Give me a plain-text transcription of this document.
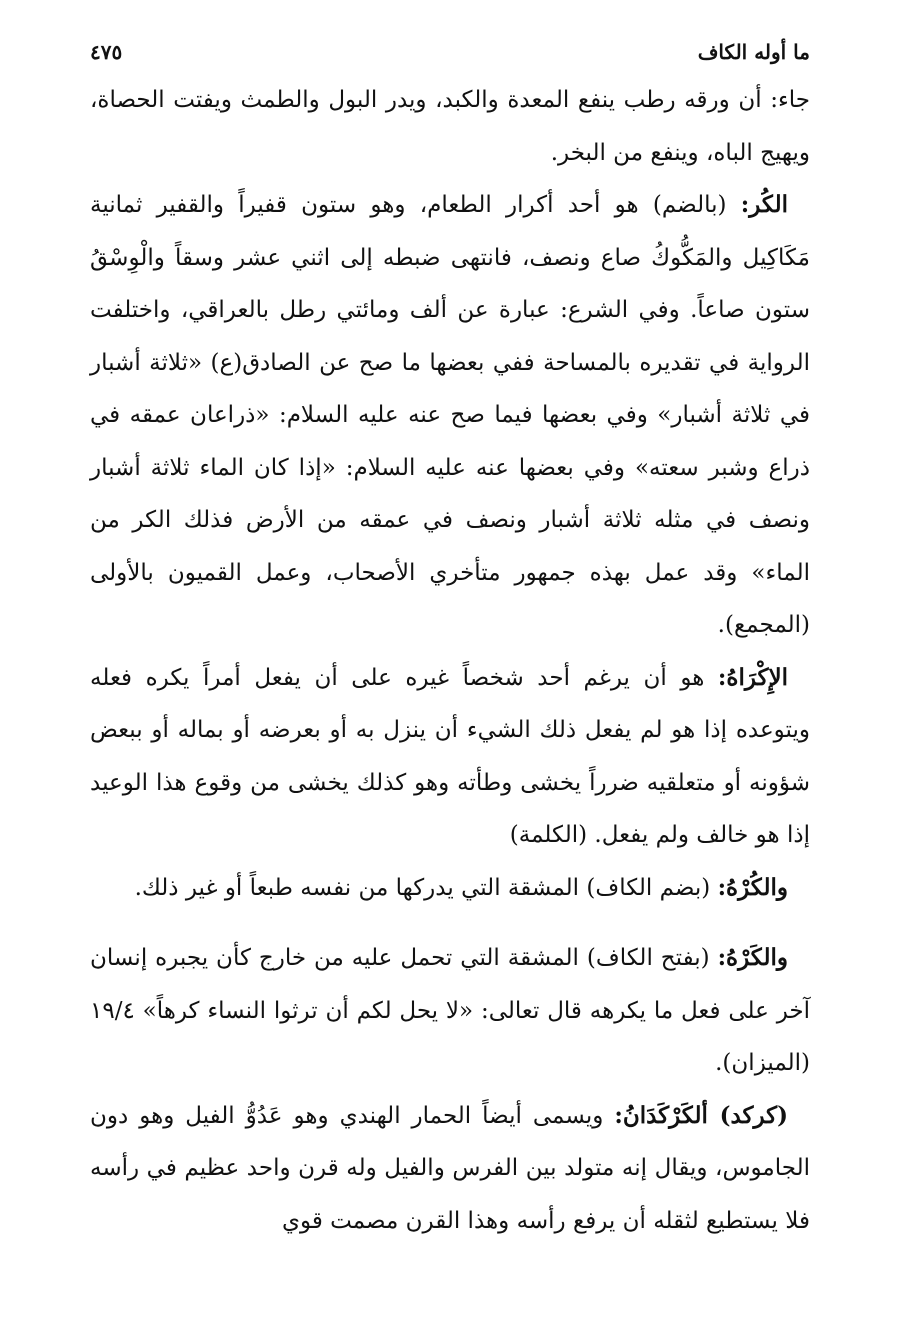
ما أوله الكاف
٤٧٥

جاء: أن ورقه رطب ينفع المعدة والكبد، ويدر البول والطمث ويفتت الحصاة، ويهيج الباه، وينفع من البخر.

الكُر: (بالضم) هو أحد أكرار الطعام، وهو ستون قفيراً والقفير ثمانية مَكَاكِيل والمَكُّوكُ صاع ونصف، فانتهى ضبطه إلى اثني عشر وسقاً والْوِسْقُ ستون صاعاً. وفي الشرع: عبارة عن ألف ومائتي رطل بالعراقي، واختلفت الرواية في تقديره بالمساحة ففي بعضها ما صح عن الصادق(ع) «ثلاثة أشبار في ثلاثة أشبار» وفي بعضها فيما صح عنه عليه السلام: «ذراعان عمقه في ذراع وشبر سعته» وفي بعضها عنه عليه السلام: «إذا كان الماء ثلاثة أشبار ونصف في مثله ثلاثة أشبار ونصف في عمقه من الأرض فذلك الكر من الماء» وقد عمل بهذه جمهور متأخري الأصحاب، وعمل القميون بالأولى (المجمع).

الإِكْرَاهُ: هو أن يرغم أحد شخصاً غيره على أن يفعل أمراً يكره فعله ويتوعده إذا هو لم يفعل ذلك الشيء أن ينزل به أو بعرضه أو بماله أو ببعض شؤونه أو متعلقيه ضرراً يخشى وطأته وهو كذلك يخشى من وقوع هذا الوعيد إذا هو خالف ولم يفعل. (الكلمة)

والكُرْهُ: (بضم الكاف) المشقة التي يدركها من نفسه طبعاً أو غير ذلك.

والكَرْهُ: (بفتح الكاف) المشقة التي تحمل عليه من خارج كأن يجبره إنسان آخر على فعل ما يكرهه قال تعالى: «لا يحل لكم أن ترثوا النساء كرهاً» ١٩/٤ (الميزان).

(كركد) ألكَرْكَدَانُ: ويسمى أيضاً الحمار الهندي وهو عَدُوُّ الفيل وهو دون الجاموس، ويقال إنه متولد بين الفرس والفيل وله قرن واحد عظيم في رأسه فلا يستطيع لثقله أن يرفع رأسه وهذا القرن مصمت قوي
